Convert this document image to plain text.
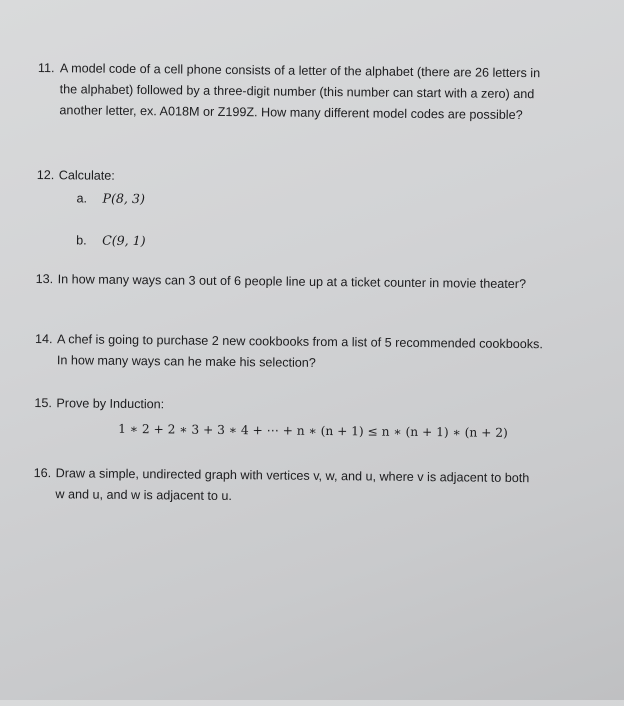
11. A model code of a cell phone consists of a letter of the alphabet (there are 26 letters in
the alphabet) followed by a three-digit number (this number can start with a zero) and
another letter, ex. A018M or Z199Z. How many different model codes are possible?
12. Calculate:
a. P(8, 3)
b. C(9, 1)
13. In how many ways can 3 out of 6 people line up at a ticket counter in movie theater?
14. A chef is going to purchase 2 new cookbooks from a list of 5 recommended cookbooks.
In how many ways can he make his selection?
15. Prove by Induction:
1 ∗ 2 + 2 ∗ 3 + 3 ∗ 4 + ⋯ + n ∗ (n + 1) ≤ n ∗ (n + 1) ∗ (n + 2)
16. Draw a simple, undirected graph with vertices v, w, and u, where v is adjacent to both
w and u, and w is adjacent to u.
